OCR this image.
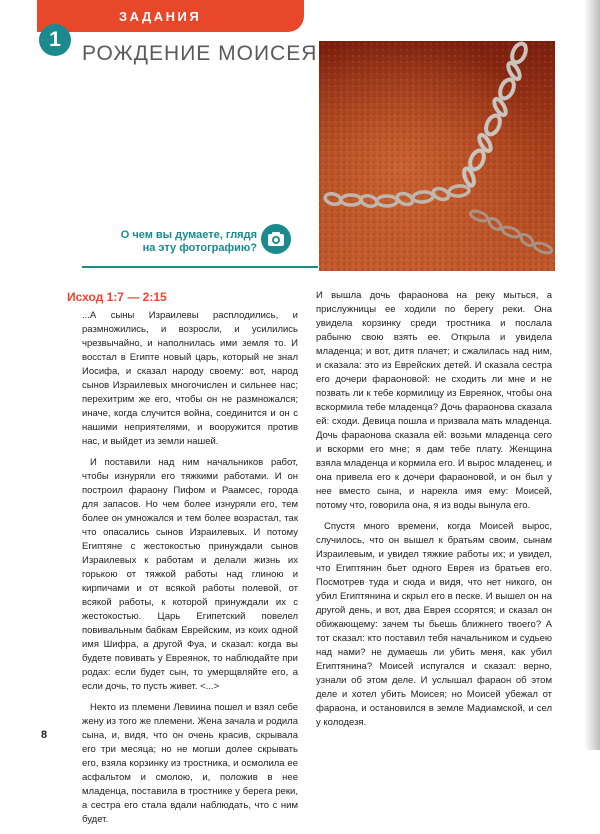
ЗАДАНИЯ
1
РОЖДЕНИЕ МОИСЕЯ
О чем вы думаете, глядя на эту фотографию?
Исход 1:7 — 2:15

...А сыны Израилевы расплодились, и размножились, и возросли, и усилились чрезвычайно, и наполнилась ими земля то. И восстал в Египте новый царь, который не знал Иосифа, и сказал народу своему: вот, народ сынов Израилевых многочислен и сильнее нас; перехитрим же его, чтобы он не размножался; иначе, когда случится война, соединится и он с нашими неприятелями, и вооружится против нас, и выйдет из земли нашей.

И поставили над ним начальников работ, чтобы изнуряли его тяжкими работами. И он построил фараону Пифом и Раамсес, города для запасов. Но чем более изнуряли его, тем более он умножался и тем более возрастал, так что опасались сынов Израилевых. И потому Египтяне с жестокостью принуждали сынов Израилевых к работам и делали жизнь их горькою от тяжкой работы над глиною и кирпичами и от всякой работы полевой, от всякой работы, к которой принуждали их с жестокостью. Царь Египетский повелел повивальным бабкам Еврейским, из коих одной имя Шифра, а другой Фуа, и сказал: когда вы будете повивать у Евреянок, то наблюдайте при родах: если будет сын, то умерщвляйте его, а если дочь, то пусть живет. <...>

Некто из племени Левиина пошел и взял себе жену из того же племени. Жена зачала и родила сына, и, видя, что он очень красив, скрывала его три месяца; но не могши долее скрывать его, взяла корзинку из тростника, и осмолила ее асфальтом и смолою, и, положив в нее младенца, поставила в тростнике у берега реки, а сестра его стала вдали наблюдать, что с ним будет.

И вышла дочь фараонова на реку мыться, а прислужницы ее ходили по берегу реки. Она увидела корзинку среди тростника и послала рабыню свою взять ее. Открыла и увидела младенца; и вот, дитя плачет; и сжалилась над ним, и сказала: это из Еврейских детей. И сказала сестра его дочери фараоновой: не сходить ли мне и не позвать ли к тебе кормилицу из Евреянок, чтобы она вскормила тебе младенца? Дочь фараонова сказала ей: сходи. Девица пошла и призвала мать младенца. Дочь фараонова сказала ей: возьми младенца сего и вскорми его мне; я дам тебе плату. Женщина взяла младенца и кормила его. И вырос младенец, и она привела его к дочери фараоновой, и он был у нее вместо сына, и нарекла имя ему: Моисей, потому что, говорила она, я из воды вынула его.

Спустя много времени, когда Моисей вырос, случилось, что он вышел к братьям своим, сынам Израилевым, и увидел тяжкие работы их; и увидел, что Египтянин бьет одного Еврея из братьев его. Посмотрев туда и сюда и видя, что нет никого, он убил Египтянина и скрыл его в песке. И вышел он на другой день, и вот, два Еврея ссорятся; и сказал он обижающему: зачем ты бьешь ближнего твоего? А тот сказал: кто поставил тебя начальником и судьею над нами? не думаешь ли убить меня, как убил Египтянина? Моисей испугался и сказал: верно, узнали об этом деле. И услышал фараон об этом деле и хотел убить Моисея; но Моисей убежал от фараона, и остановился в земле Мадиамской, и сел у колодезя.

8
